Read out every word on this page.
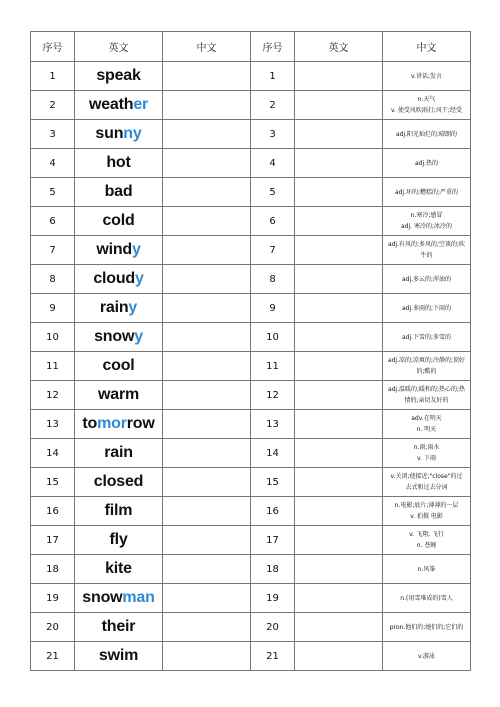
序号	英文	中文	序号	英文	中文
1	speak		1		v.讲话;发言

2	weather		2		n.天气
v. 使受风吹雨打;风干;经受

3	sunny		3		adj.阳光灿烂的;晴朗的

4	hot		4		adj.热的

5	bad		5		adj.坏的;糟糕的;严重的

6	cold		6		n.寒冷;感冒
adj. 寒冷的;冰冷的

7	windy		7		adj.有风的;多风的;空谈的;吹
牛的

8	cloudy		8		adj.多云的;浑浊的

9	rainy		9		adj.多雨的;下雨的

10	snowy		10		adj.下雪的;多雪的

11	cool		11		adj.凉的;凉爽的;冷静的;顶好
的;酷的

12	warm		12		adj.温暖的;暖和的;热心的;热
情的;亲切友好的

13	tomorrow		13		adv.在明天
n. 明天

14	rain		14		n.雨;雨水
v. 下雨

15	closed		15		v.关闭;使接近;"close"的过
去式和过去分词

16	film		16		n.电影;底片;薄薄的一层
v. 拍摄 电影

17	fly		17		v. 飞翔; 飞行
n. 苍蝇

18	kite		18		n.风筝

19	snowman		19		n.(用雪堆成的)雪人

20	their		20		pron.他们的;她们的;它们的

21	swim		21		v.游泳
